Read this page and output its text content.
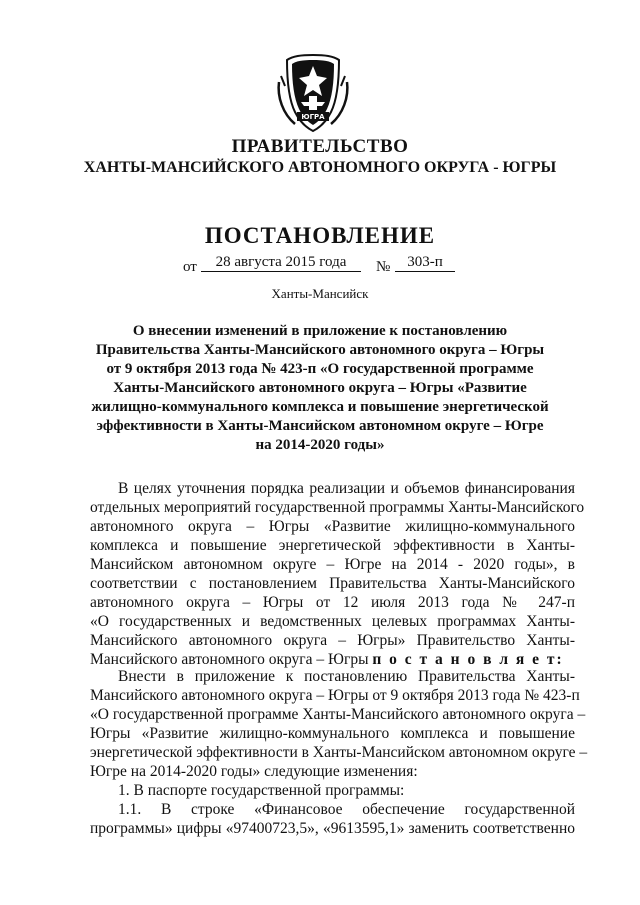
ЮГРА
ПРАВИТЕЛЬСТВО
ХАНТЫ-МАНСИЙСКОГО АВТОНОМНОГО ОКРУГА - ЮГРЫ
ПОСТАНОВЛЕНИЕ
от	28 августа 2015 года	№	303-п
Ханты-Мансийск
О внесении изменений в приложение к постановлению
Правительства Ханты-Мансийского автономного округа – Югры
от 9 октября 2013 года № 423-п «О государственной программе
Ханты-Мансийского автономного округа – Югры «Развитие
жилищно-коммунального комплекса и повышение энергетической
эффективности в Ханты-Мансийском автономном округе – Югре
на 2014-2020 годы»
В целях уточнения порядка реализации и объемов финансирования
отдельных мероприятий государственной программы Ханты-Мансийского
автономного округа – Югры «Развитие жилищно-коммунального
комплекса и повышение энергетической эффективности в Ханты-
Мансийском автономном округе – Югре на 2014 - 2020 годы», в
соответствии с постановлением Правительства Ханты-Мансийского
автономного округа – Югры от 12 июля 2013 года № 247-п
«О государственных и ведомственных целевых программах Ханты-
Мансийского автономного округа – Югры» Правительство Ханты-
Мансийского автономного округа – Югры п о с т а н о в л я е т:
Внести в приложение к постановлению Правительства Ханты-
Мансийского автономного округа – Югры от 9 октября 2013 года № 423-п
«О государственной программе Ханты-Мансийского автономного округа –
Югры «Развитие жилищно-коммунального комплекса и повышение
энергетической эффективности в Ханты-Мансийском автономном округе –
Югре на 2014-2020 годы» следующие изменения:
1. В паспорте государственной программы:
1.1. В строке «Финансовое обеспечение государственной
программы» цифры «97400723,5», «9613595,1» заменить соответственно
